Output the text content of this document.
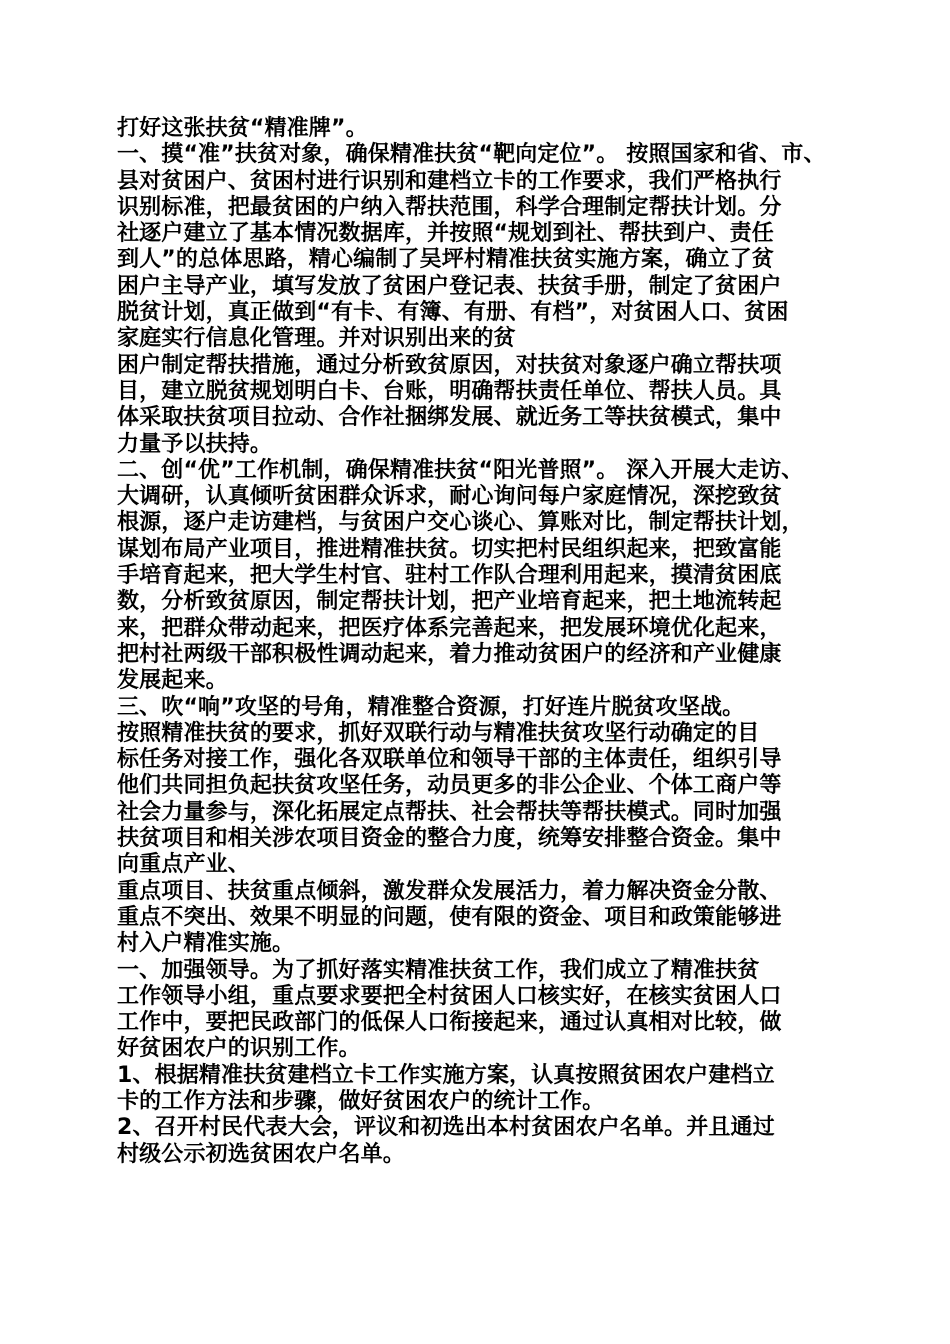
打好这张扶贫“精准牌”。
一、摸“准”扶贫对象，确保精准扶贫“靶向定位”。 按照国家和省、市、
县对贫困户、贫困村进行识别和建档立卡的工作要求，我们严格执行
识别标准，把最贫困的户纳入帮扶范围，科学合理制定帮扶计划。分
社逐户建立了基本情况数据库，并按照“规划到社、帮扶到户、责任
到人”的总体思路，精心编制了吴坪村精准扶贫实施方案，确立了贫
困户主导产业，填写发放了贫困户登记表、扶贫手册，制定了贫困户
脱贫计划，真正做到“有卡、有簿、有册、有档”，对贫困人口、贫困
家庭实行信息化管理。并对识别出来的贫
困户制定帮扶措施，通过分析致贫原因，对扶贫对象逐户确立帮扶项
目，建立脱贫规划明白卡、台账，明确帮扶责任单位、帮扶人员。具
体采取扶贫项目拉动、合作社捆绑发展、就近务工等扶贫模式，集中
力量予以扶持。
二、创“优”工作机制，确保精准扶贫“阳光普照”。 深入开展大走访、
大调研，认真倾听贫困群众诉求，耐心询问每户家庭情况，深挖致贫
根源，逐户走访建档，与贫困户交心谈心、算账对比，制定帮扶计划，
谋划布局产业项目，推进精准扶贫。切实把村民组织起来，把致富能
手培育起来，把大学生村官、驻村工作队合理利用起来，摸清贫困底
数，分析致贫原因，制定帮扶计划，把产业培育起来，把土地流转起
来，把群众带动起来，把医疗体系完善起来，把发展环境优化起来，
把村社两级干部积极性调动起来，着力推动贫困户的经济和产业健康
发展起来。
三、吹“响”攻坚的号角，精准整合资源，打好连片脱贫攻坚战。
按照精准扶贫的要求，抓好双联行动与精准扶贫攻坚行动确定的目
标任务对接工作，强化各双联单位和领导干部的主体责任，组织引导
他们共同担负起扶贫攻坚任务，动员更多的非公企业、个体工商户等
社会力量参与，深化拓展定点帮扶、社会帮扶等帮扶模式。同时加强
扶贫项目和相关涉农项目资金的整合力度，统筹安排整合资金。集中
向重点产业、
重点项目、扶贫重点倾斜，激发群众发展活力，着力解决资金分散、
重点不突出、效果不明显的问题，使有限的资金、项目和政策能够进
村入户精准实施。
一、加强领导。为了抓好落实精准扶贫工作，我们成立了精准扶贫
工作领导小组，重点要求要把全村贫困人口核实好，在核实贫困人口
工作中，要把民政部门的低保人口衔接起来，通过认真相对比较，做
好贫困农户的识别工作。
1、根据精准扶贫建档立卡工作实施方案，认真按照贫困农户建档立
卡的工作方法和步骤，做好贫困农户的统计工作。
2、召开村民代表大会，评议和初选出本村贫困农户名单。并且通过
村级公示初选贫困农户名单。
